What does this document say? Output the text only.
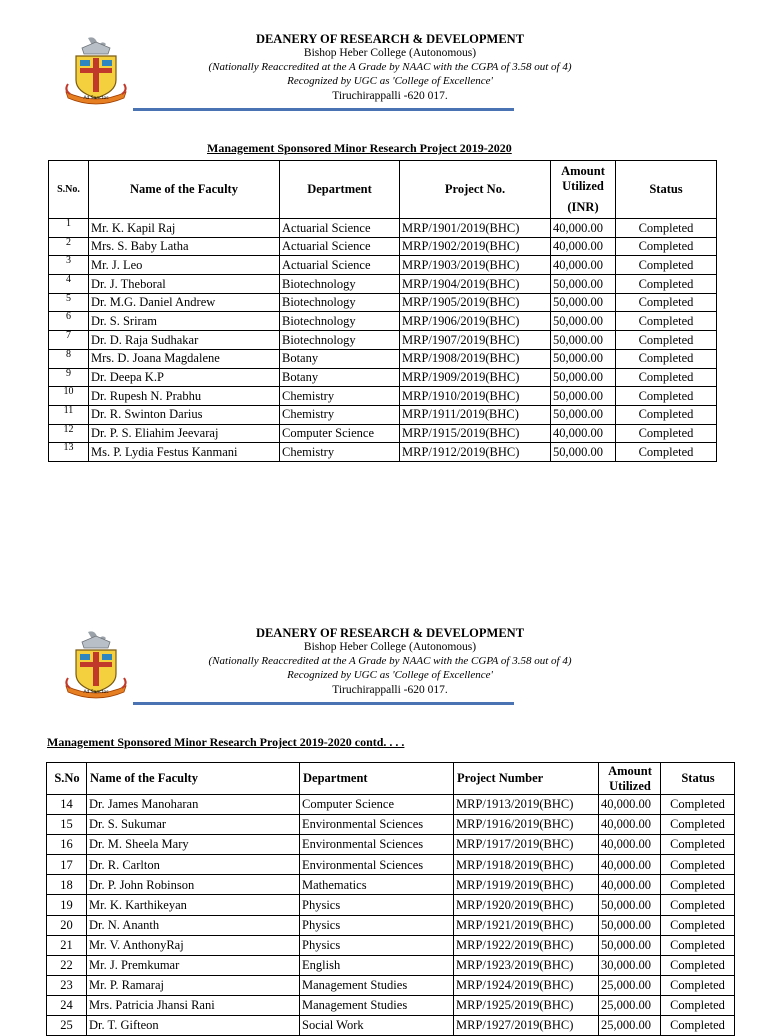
Ad Sanctos
DEANERY OF RESEARCH & DEVELOPMENT
Bishop Heber College (Autonomous)
(Nationally Reaccredited at the A Grade by NAAC with the CGPA of 3.58 out of 4)
Recognized by UGC as 'College of Excellence'
Tiruchirappalli -620 017.
Management Sponsored Minor Research Project 2019-2020
S.No.	Name of the Faculty	Department	Project No.	Amount
Utilized
(INR)	Status
1	Mr. K. Kapil Raj	Actuarial Science	MRP/1901/2019(BHC)	40,000.00	Completed
2	Mrs. S. Baby Latha	Actuarial Science	MRP/1902/2019(BHC)	40,000.00	Completed
3	Mr. J. Leo	Actuarial Science	MRP/1903/2019(BHC)	40,000.00	Completed
4	Dr. J. Theboral	Biotechnology	MRP/1904/2019(BHC)	50,000.00	Completed
5	Dr. M.G. Daniel Andrew	Biotechnology	MRP/1905/2019(BHC)	50,000.00	Completed
6	Dr. S. Sriram	Biotechnology	MRP/1906/2019(BHC)	50,000.00	Completed
7	Dr. D. Raja Sudhakar	Biotechnology	MRP/1907/2019(BHC)	50,000.00	Completed
8	Mrs. D. Joana Magdalene	Botany	MRP/1908/2019(BHC)	50,000.00	Completed
9	Dr. Deepa K.P	Botany	MRP/1909/2019(BHC)	50,000.00	Completed
10	Dr. Rupesh N. Prabhu	Chemistry	MRP/1910/2019(BHC)	50,000.00	Completed
11	Dr. R. Swinton Darius	Chemistry	MRP/1911/2019(BHC)	50,000.00	Completed
12	Dr. P. S. Eliahim Jeevaraj	Computer Science	MRP/1915/2019(BHC)	40,000.00	Completed
13	Ms. P. Lydia Festus Kanmani	Chemistry	MRP/1912/2019(BHC)	50,000.00	Completed
Ad Sanctos
DEANERY OF RESEARCH & DEVELOPMENT
Bishop Heber College (Autonomous)
(Nationally Reaccredited at the A Grade by NAAC with the CGPA of 3.58 out of 4)
Recognized by UGC as 'College of Excellence'
Tiruchirappalli -620 017.
Management Sponsored Minor Research Project 2019-2020 contd. . . .
S.No	Name of the Faculty	Department	Project Number	Amount
Utilized	Status
14	Dr. James Manoharan	Computer Science	MRP/1913/2019(BHC)	40,000.00	Completed
15	Dr. S. Sukumar	Environmental Sciences	MRP/1916/2019(BHC)	40,000.00	Completed
16	Dr. M. Sheela Mary	Environmental Sciences	MRP/1917/2019(BHC)	40,000.00	Completed
17	Dr. R. Carlton	Environmental Sciences	MRP/1918/2019(BHC)	40,000.00	Completed
18	Dr. P. John Robinson	Mathematics	MRP/1919/2019(BHC)	40,000.00	Completed
19	Mr. K. Karthikeyan	Physics	MRP/1920/2019(BHC)	50,000.00	Completed
20	Dr. N. Ananth	Physics	MRP/1921/2019(BHC)	50,000.00	Completed
21	Mr. V. AnthonyRaj	Physics	MRP/1922/2019(BHC)	50,000.00	Completed
22	Mr. J. Premkumar	English	MRP/1923/2019(BHC)	30,000.00	Completed
23	Mr. P. Ramaraj	Management Studies	MRP/1924/2019(BHC)	25,000.00	Completed
24	Mrs. Patricia Jhansi Rani	Management Studies	MRP/1925/2019(BHC)	25,000.00	Completed
25	Dr. T. Gifteon	Social Work	MRP/1927/2019(BHC)	25,000.00	Completed
